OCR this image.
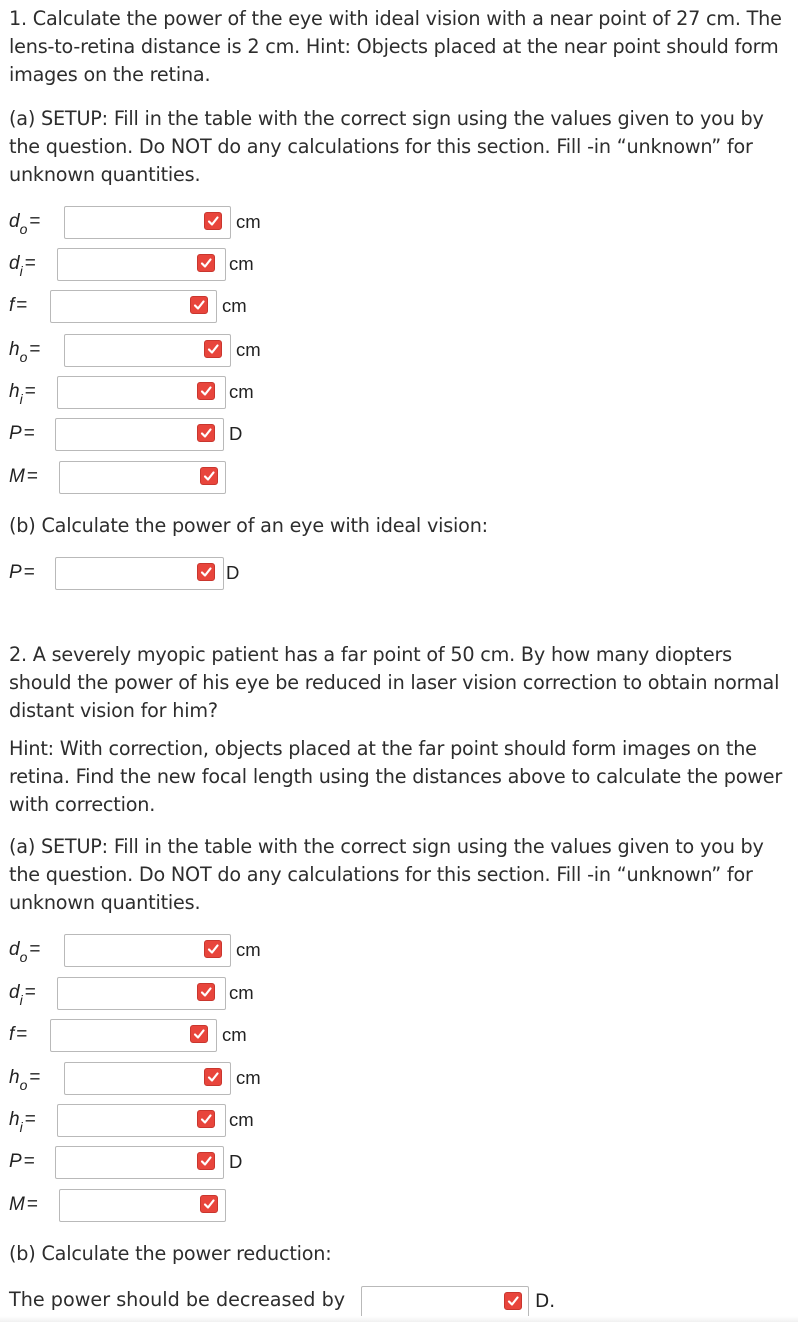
1. Calculate the power of the eye with ideal vision with a near point of 27 cm. The lens-to-retina distance is 2 cm. Hint: Objects placed at the near point should form images on the retina.

(a) SETUP: Fill in the table with the correct sign using the values given to you by the question. Do NOT do any calculations for this section. Fill -in “unknown” for unknown quantities.

$d_o$ =	cm
$d_i$ =	cm
f =	cm
$h_o$ =	cm
$h_i$ =	cm
P =	D
M =

(b) Calculate the power of an eye with ideal vision:

P =	D

2. A severely myopic patient has a far point of 50 cm. By how many diopters should the power of his eye be reduced in laser vision correction to obtain normal distant vision for him?

Hint: With correction, objects placed at the far point should form images on the retina. Find the new focal length using the distances above to calculate the power with correction.

(a) SETUP: Fill in the table with the correct sign using the values given to you by the question. Do NOT do any calculations for this section. Fill -in “unknown” for unknown quantities.

$d_o$ =	cm
$d_i$ =	cm
f =	cm
$h_o$ =	cm
$h_i$ =	cm
P =	D
M =

(b) Calculate the power reduction:

The power should be decreased by	D.
